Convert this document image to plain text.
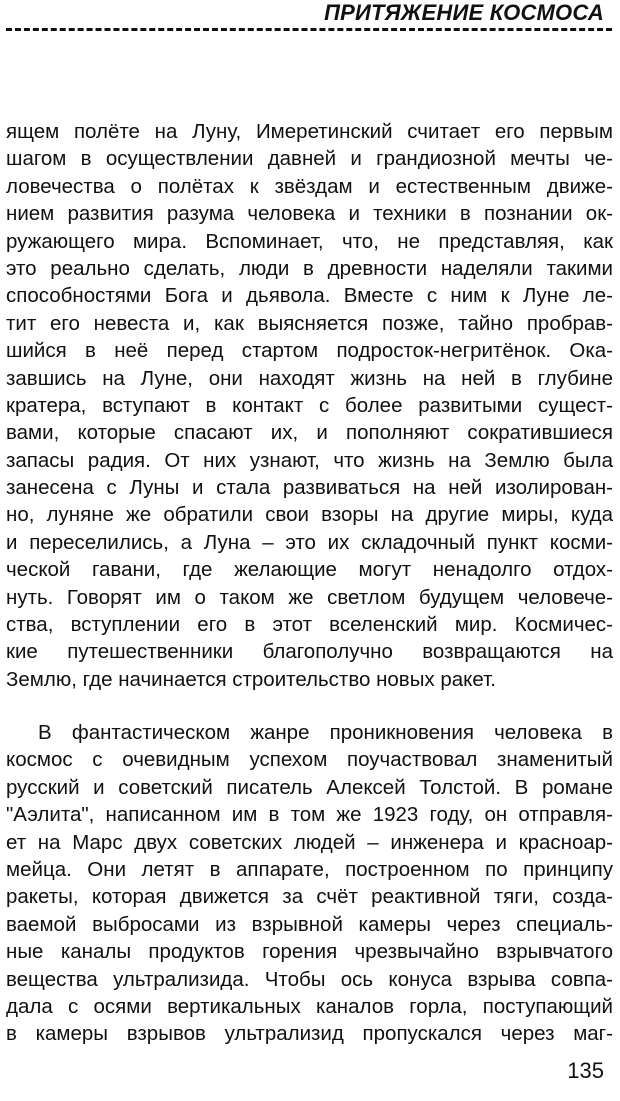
ПРИТЯЖЕНИЕ КОСМОСА
ящем полёте на Луну, Имеретинский считает его первым
шагом в осуществлении давней и грандиозной мечты че-
ловечества о полётах к звёздам и естественным движе-
нием развития разума человека и техники в познании ок-
ружающего мира. Вспоминает, что, не представляя, как
это реально сделать, люди в древности наделяли такими
способностями Бога и дьявола. Вместе с ним к Луне ле-
тит его невеста и, как выясняется позже, тайно пробрав-
шийся в неё перед стартом подросток-негритёнок. Ока-
завшись на Луне, они находят жизнь на ней в глубине
кратера, вступают в контакт с более развитыми сущест-
вами, которые спасают их, и пополняют сократившиеся
запасы радия. От них узнают, что жизнь на Землю была
занесена с Луны и стала развиваться на ней изолирован-
но, луняне же обратили свои взоры на другие миры, куда
и переселились, а Луна – это их складочный пункт косми-
ческой гавани, где желающие могут ненадолго отдох-
нуть. Говорят им о таком же светлом будущем человече-
ства, вступлении его в этот вселенский мир. Космичес-
кие путешественники благополучно возвращаются на
Землю, где начинается строительство новых ракет.
В фантастическом жанре проникновения человека в
космос с очевидным успехом поучаствовал знаменитый
русский и советский писатель Алексей Толстой. В романе
"Аэлита", написанном им в том же 1923 году, он отправля-
ет на Марс двух советских людей – инженера и красноар-
мейца. Они летят в аппарате, построенном по принципу
ракеты, которая движется за счёт реактивной тяги, созда-
ваемой выбросами из взрывной камеры через специаль-
ные каналы продуктов горения чрезвычайно взрывчатого
вещества ультрализида. Чтобы ось конуса взрыва совпа-
дала с осями вертикальных каналов горла, поступающий
в камеры взрывов ультрализид пропускался через маг-
135
